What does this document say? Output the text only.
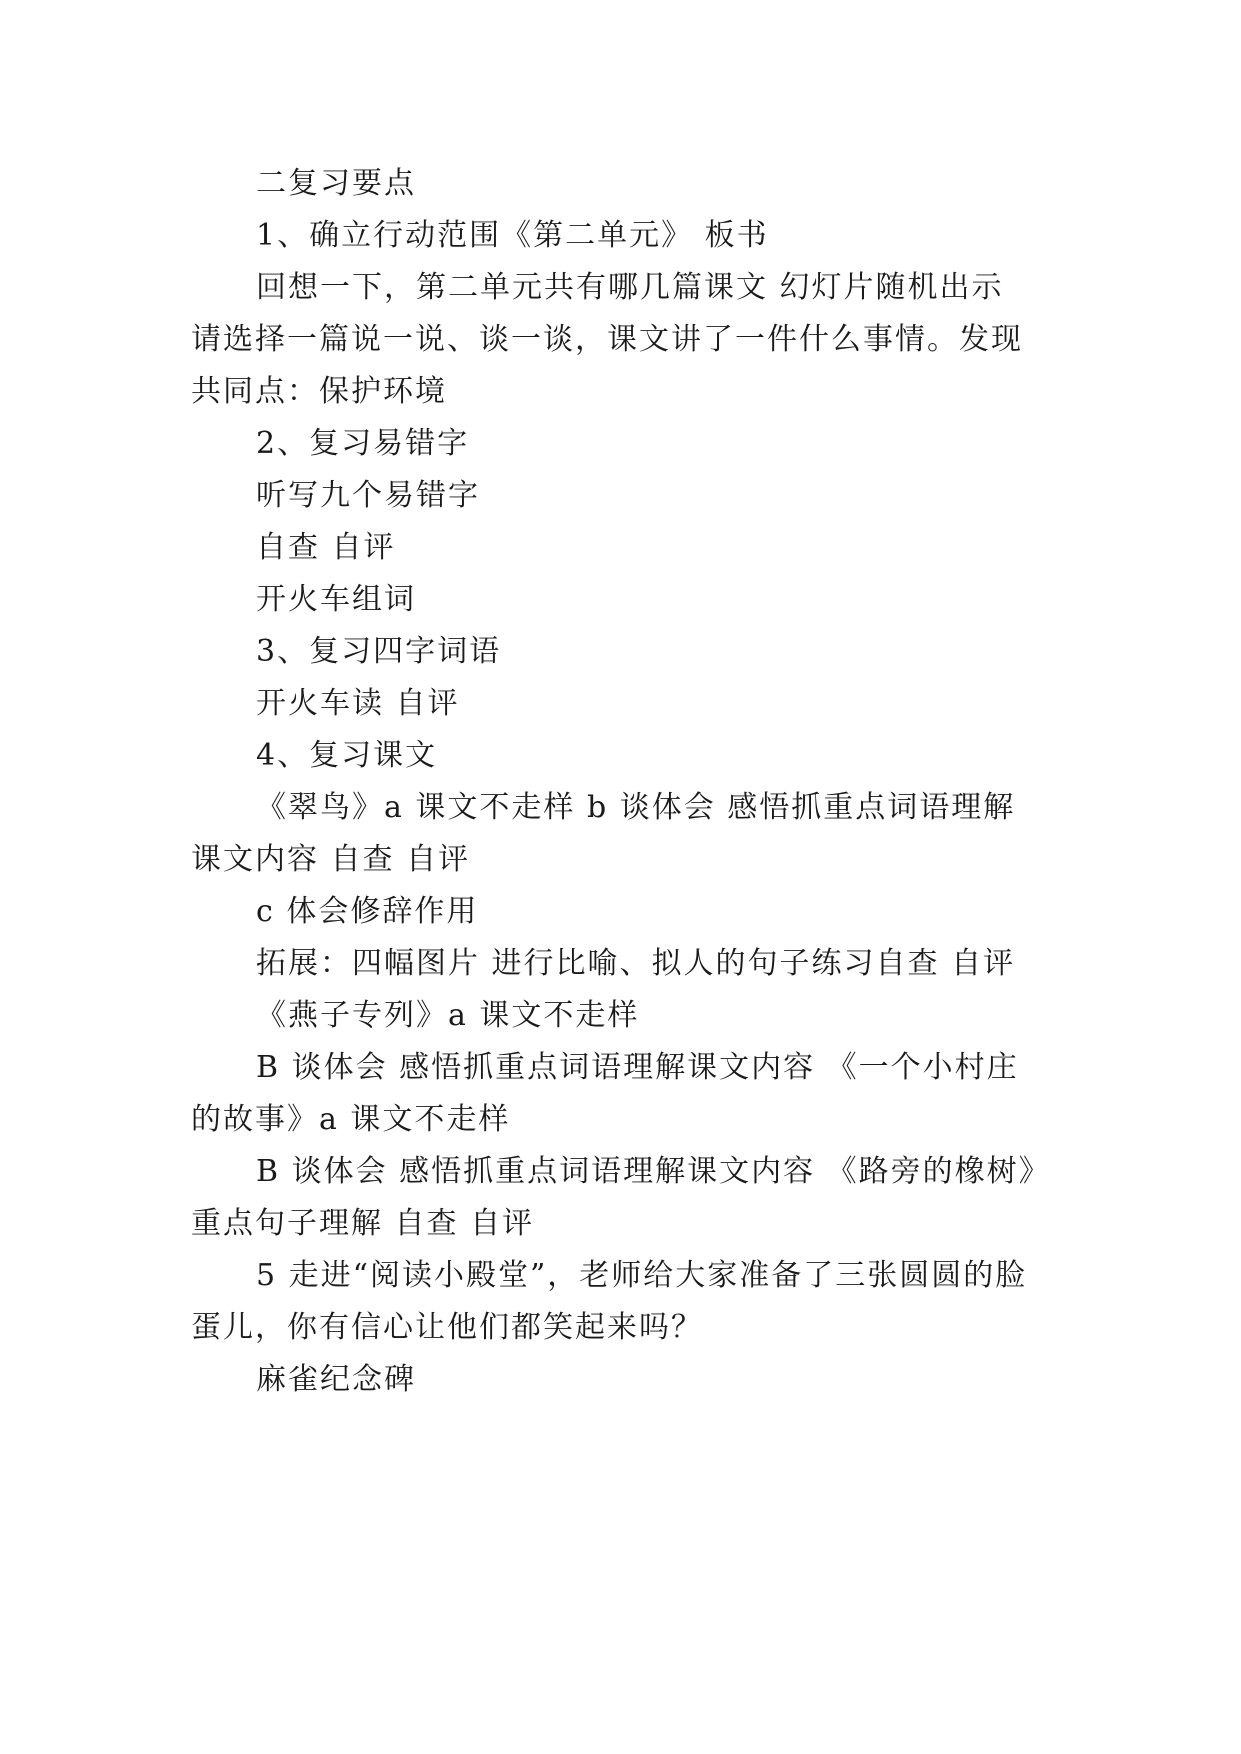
二复习要点
1、确立行动范围《第二单元》 板书
回想一下，第二单元共有哪几篇课文 幻灯片随机出示
请选择一篇说一说、谈一谈，课文讲了一件什么事情。发现
共同点：保护环境
2、复习易错字
听写九个易错字
自查 自评
开火车组词
3、复习四字词语
开火车读 自评
4、复习课文
《翠鸟》a 课文不走样 b 谈体会 感悟抓重点词语理解
课文内容 自查 自评
c 体会修辞作用
拓展：四幅图片 进行比喻、拟人的句子练习自查 自评
《燕子专列》a 课文不走样
B 谈体会 感悟抓重点词语理解课文内容 《一个小村庄
的故事》a 课文不走样
B 谈体会 感悟抓重点词语理解课文内容 《路旁的橡树》
重点句子理解 自查 自评
5 走进“阅读小殿堂”，老师给大家准备了三张圆圆的脸
蛋儿，你有信心让他们都笑起来吗？
麻雀纪念碑
